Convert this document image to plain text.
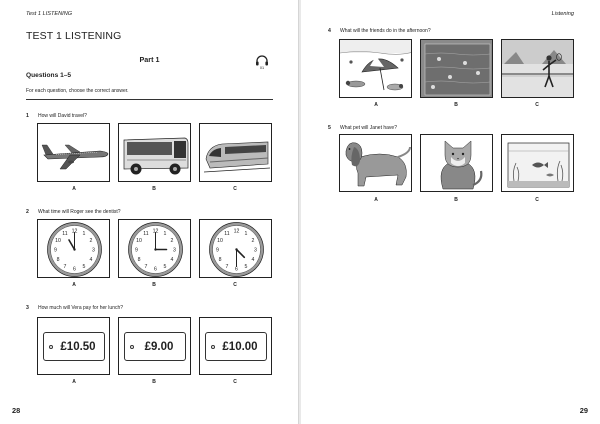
Test 1 LISTENING
TEST 1 LISTENING
Part 1
01
Questions 1–5
For each question, choose the correct answer.
1 How will David travel?
A	B	C
2 What time will Roger see the dentist?
1
2
3
4
5
6
7
8
9
10
11 12	1
2
3
4
5
6
7
8
9
10
11 12	1
2
3
4
5
6
7
8
9
10
11 12
A	B	C
3 How much will Vera pay for her lunch?
£10.50	£9.00	£10.00
A	B	C
28
Listening
4 What will the friends do in the afternoon?
A	B	C
5 What pet will Janet have?
A	B	C
29
